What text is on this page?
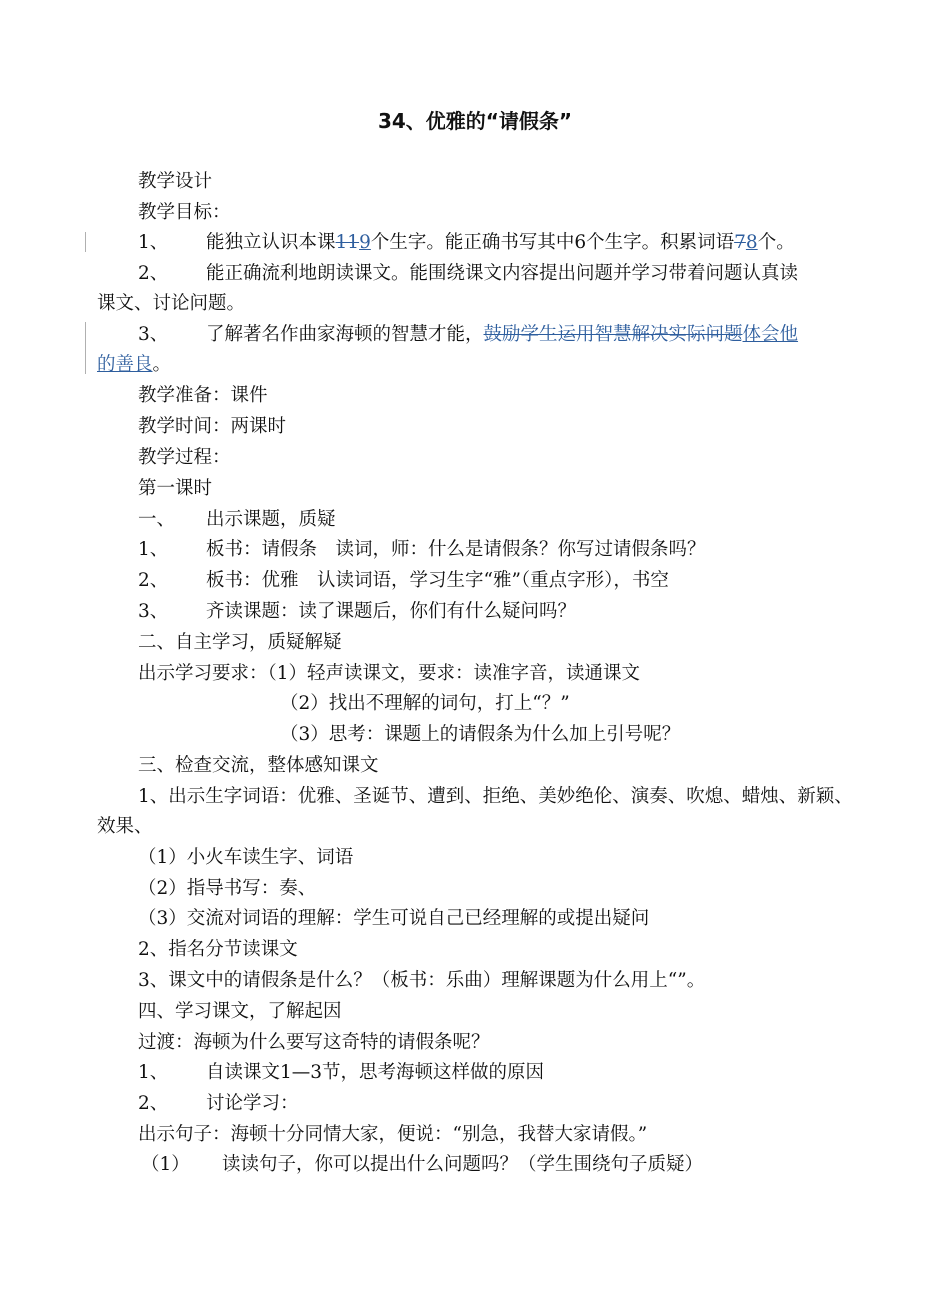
34、优雅的“请假条”
教学设计
教学目标：
1、 能独立认识本课119个生字。能正确书写其中6个生字。积累词语78个。
2、 能正确流利地朗读课文。能围绕课文内容提出问题并学习带着问题认真读
课文、讨论问题。
3、 了解著名作曲家海顿的智慧才能，鼓励学生运用智慧解决实际问题体会他
的善良。
教学准备：课件
教学时间：两课时
教学过程：
第一课时
一、 出示课题，质疑
1、 板书：请假条　读词，师：什么是请假条？你写过请假条吗？
2、 板书：优雅　认读词语，学习生字“雅”（重点字形），书空
3、 齐读课题：读了课题后，你们有什么疑问吗？
二、自主学习，质疑解疑
出示学习要求：（1）轻声读课文，要求：读准字音，读通课文
（2）找出不理解的词句，打上“？”
（3）思考：课题上的请假条为什么加上引号呢？
三、检查交流，整体感知课文
1、出示生字词语：优雅、圣诞节、遭到、拒绝、美妙绝伦、演奏、吹熄、蜡烛、新颖、
效果、
（1）小火车读生字、词语
（2）指导书写：奏、
（3）交流对词语的理解：学生可说自己已经理解的或提出疑问
2、指名分节读课文
3、课文中的请假条是什么？（板书：乐曲）理解课题为什么用上“”。
四、学习课文，了解起因
过渡：海顿为什么要写这奇特的请假条呢？
1、 自读课文1—3节，思考海顿这样做的原因
2、 讨论学习：
出示句子：海顿十分同情大家，便说：“别急，我替大家请假。”
（1） 读读句子，你可以提出什么问题吗？（学生围绕句子质疑）
